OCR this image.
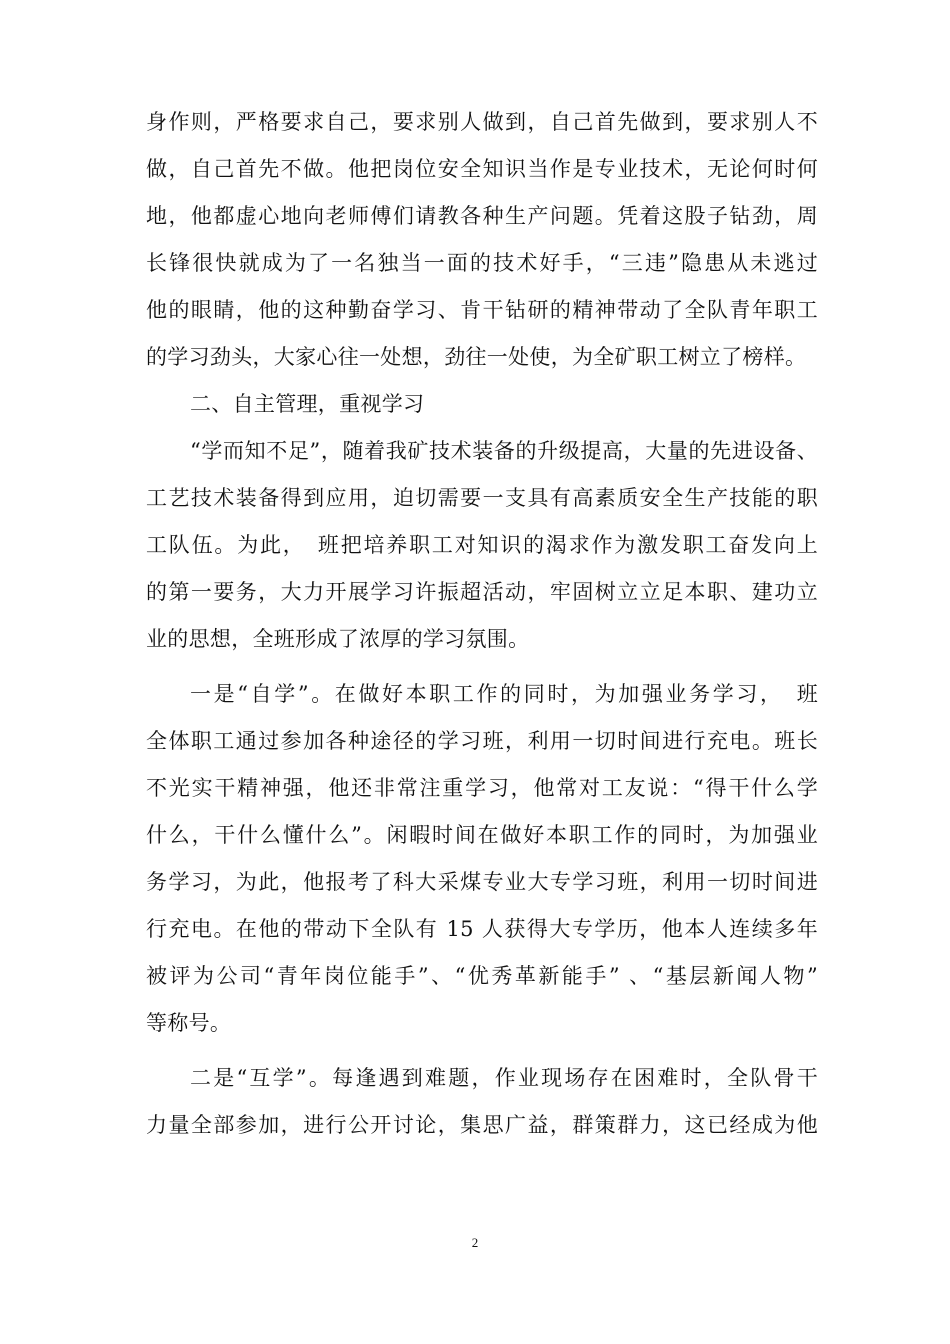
身作则，严格要求自己，要求别人做到，自己首先做到，要求别人不
做，自己首先不做。他把岗位安全知识当作是专业技术，无论何时何
地，他都虚心地向老师傅们请教各种生产问题。凭着这股子钻劲，周
长锋很快就成为了一名独当一面的技术好手，“三违”隐患从未逃过
他的眼睛，他的这种勤奋学习、肯干钻研的精神带动了全队青年职工
的学习劲头，大家心往一处想，劲往一处使，为全矿职工树立了榜样。
二、自主管理，重视学习
“学而知不足”，随着我矿技术装备的升级提高，大量的先进设备、
工艺技术装备得到应用，迫切需要一支具有高素质安全生产技能的职
工队伍。为此，　班把培养职工对知识的渴求作为激发职工奋发向上
的第一要务，大力开展学习许振超活动，牢固树立立足本职、建功立
业的思想，全班形成了浓厚的学习氛围。
一是“自学”。在做好本职工作的同时，为加强业务学习，　班
全体职工通过参加各种途径的学习班，利用一切时间进行充电。班长
不光实干精神强，他还非常注重学习，他常对工友说：“得干什么学
什么，干什么懂什么”。闲暇时间在做好本职工作的同时，为加强业
务学习，为此，他报考了科大采煤专业大专学习班，利用一切时间进
行充电。在他的带动下全队有 15 人获得大专学历，他本人连续多年
被评为公司“青年岗位能手”、“优秀革新能手” 、“基层新闻人物”
等称号。
二是“互学”。每逢遇到难题，作业现场存在困难时，全队骨干
力量全部参加，进行公开讨论，集思广益，群策群力，这已经成为他
2
